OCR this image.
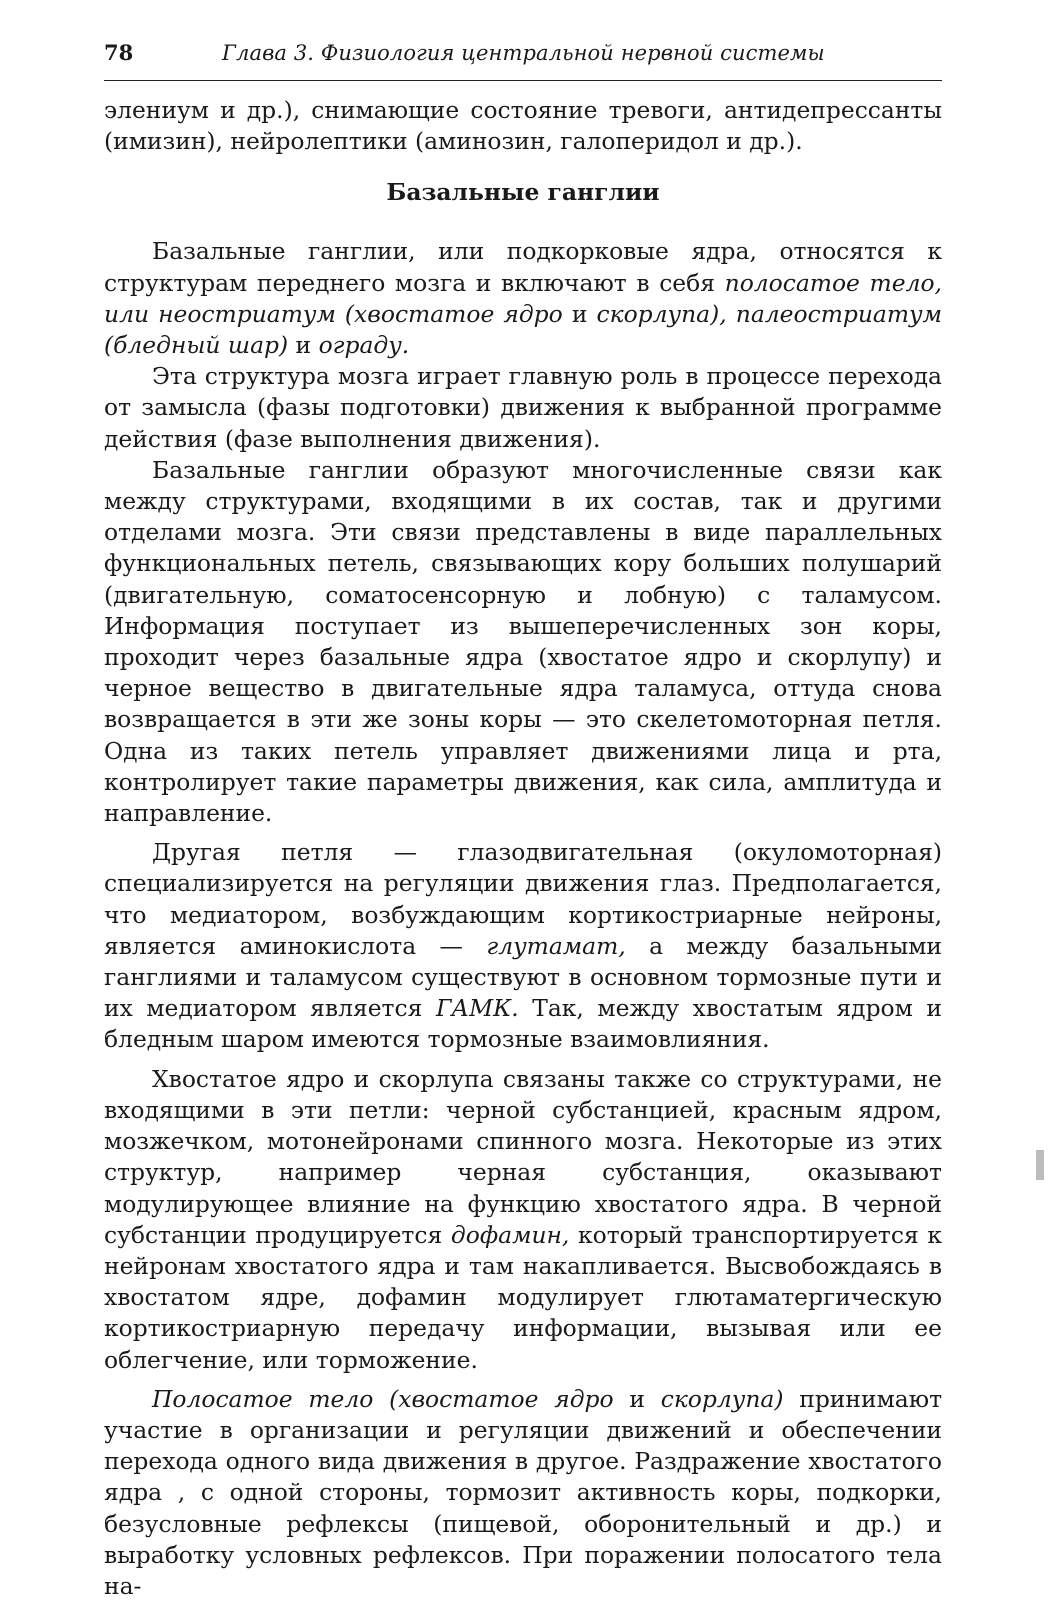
78	Глава 3. Физиология центральной нервной системы

элениум и др.), снимающие состояние тревоги, антидепрессанты (имизин), нейролептики (аминозин, галоперидол и др.).

Базальные ганглии

Базальные ганглии, или подкорковые ядра, относятся к структурам переднего мозга и включают в себя полосатое тело, или неостриатум (хвостатое ядро и скорлупа), палеостриатум (бледный шар) и ограду.

Эта структура мозга играет главную роль в процессе перехода от замысла (фазы подготовки) движения к выбранной программе действия (фазе выполнения движения).

Базальные ганглии образуют многочисленные связи как между структурами, входящими в их состав, так и другими отделами мозга. Эти связи представлены в виде параллельных функциональных петель, связывающих кору больших полушарий (двигательную, соматосенсорную и лобную) с таламусом. Информация поступает из вышеперечисленных зон коры, проходит через базальные ядра (хвостатое ядро и скорлупу) и черное вещество в двигательные ядра таламуса, оттуда снова возвращается в эти же зоны коры — это скелетомоторная петля. Одна из таких петель управляет движениями лица и рта, контролирует такие параметры движения, как сила, амплитуда и направление.

Другая петля — глазодвигательная (окуломоторная) специализируется на регуляции движения глаз. Предполагается, что медиатором, возбуждающим кортикостриарные нейроны, является аминокислота — глутамат, а между базальными ганглиями и таламусом существуют в основном тормозные пути и их медиатором является ГАМК. Так, между хвостатым ядром и бледным шаром имеются тормозные взаимовлияния.

Хвостатое ядро и скорлупа связаны также со структурами, не входящими в эти петли: черной субстанцией, красным ядром, мозжечком, мотонейронами спинного мозга. Некоторые из этих структур, например черная субстанция, оказывают модулирующее влияние на функцию хвостатого ядра. В черной субстанции продуцируется дофамин, который транспортируется к нейронам хвостатого ядра и там накапливается. Высвобождаясь в хвостатом ядре, дофамин модулирует глютаматергическую кортикостриарную передачу информации, вызывая или ее облегчение, или торможение.

Полосатое тело (хвостатое ядро и скорлупа) принимают участие в организации и регуляции движений и обеспечении перехода одного вида движения в другое. Раздражение хвостатого ядра , с одной стороны, тормозит активность коры, подкорки, безусловные рефлексы (пищевой, оборонительный и др.) и выработку условных рефлексов. При поражении полосатого тела на-
